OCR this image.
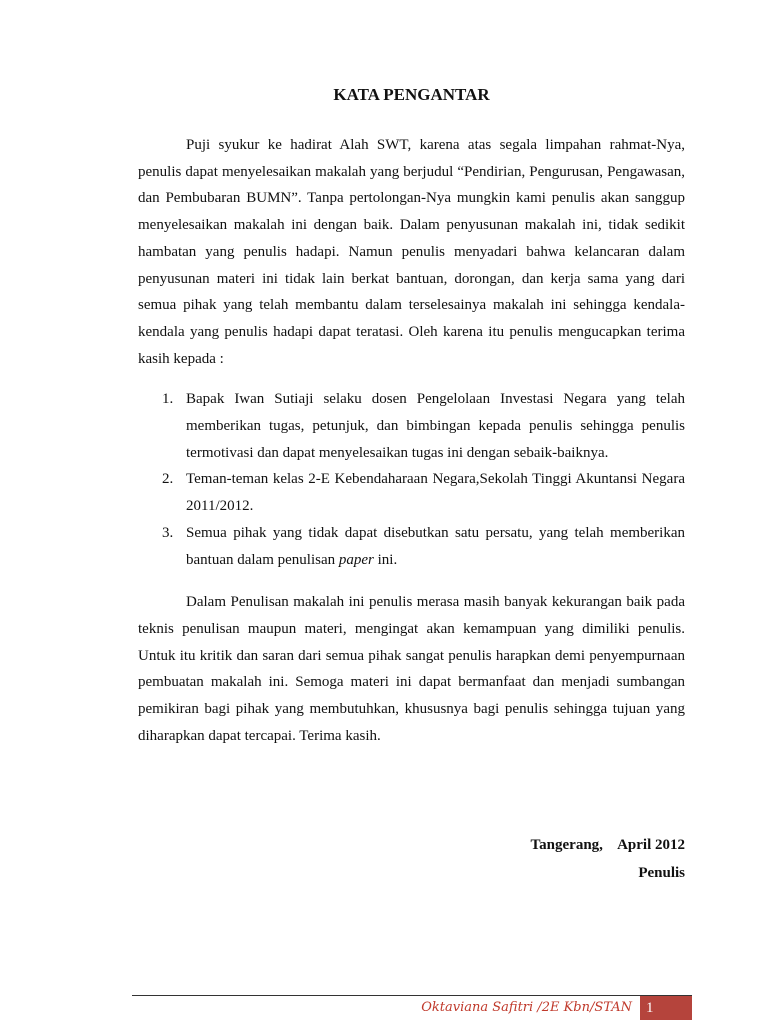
KATA PENGANTAR

Puji syukur ke hadirat Alah SWT, karena atas segala limpahan rahmat-Nya, penulis dapat menyelesaikan makalah yang berjudul “Pendirian, Pengurusan, Pengawasan, dan Pembubaran BUMN”. Tanpa pertolongan-Nya mungkin kami penulis akan sanggup menyelesaikan makalah ini dengan baik. Dalam penyusunan makalah ini, tidak sedikit hambatan yang penulis hadapi. Namun penulis menyadari bahwa kelancaran dalam penyusunan materi ini tidak lain berkat bantuan, dorongan, dan kerja sama yang dari semua pihak yang telah membantu dalam terselesainya makalah ini sehingga kendala-kendala yang penulis hadapi dapat teratasi. Oleh karena itu penulis mengucapkan terima kasih kepada :

1. Bapak Iwan Sutiaji selaku dosen Pengelolaan Investasi Negara yang telah memberikan tugas, petunjuk, dan bimbingan kepada penulis sehingga penulis termotivasi dan dapat menyelesaikan tugas ini dengan sebaik-baiknya.
2. Teman-teman kelas 2-E Kebendaharaan Negara,Sekolah Tinggi Akuntansi Negara 2011/2012.
3. Semua pihak yang tidak dapat disebutkan satu persatu, yang telah memberikan bantuan dalam penulisan paper ini.

Dalam Penulisan makalah ini penulis merasa masih banyak kekurangan baik pada teknis penulisan maupun materi, mengingat akan kemampuan yang dimiliki penulis. Untuk itu kritik dan saran dari semua pihak sangat penulis harapkan demi penyempurnaan pembuatan makalah ini. Semoga materi ini dapat bermanfaat dan menjadi sumbangan pemikiran bagi pihak yang membutuhkan, khususnya bagi penulis sehingga tujuan yang diharapkan dapat tercapai. Terima kasih.

Tangerang,    April 2012
Penulis
Oktaviana Safitri /2E Kbn/STAN 1
